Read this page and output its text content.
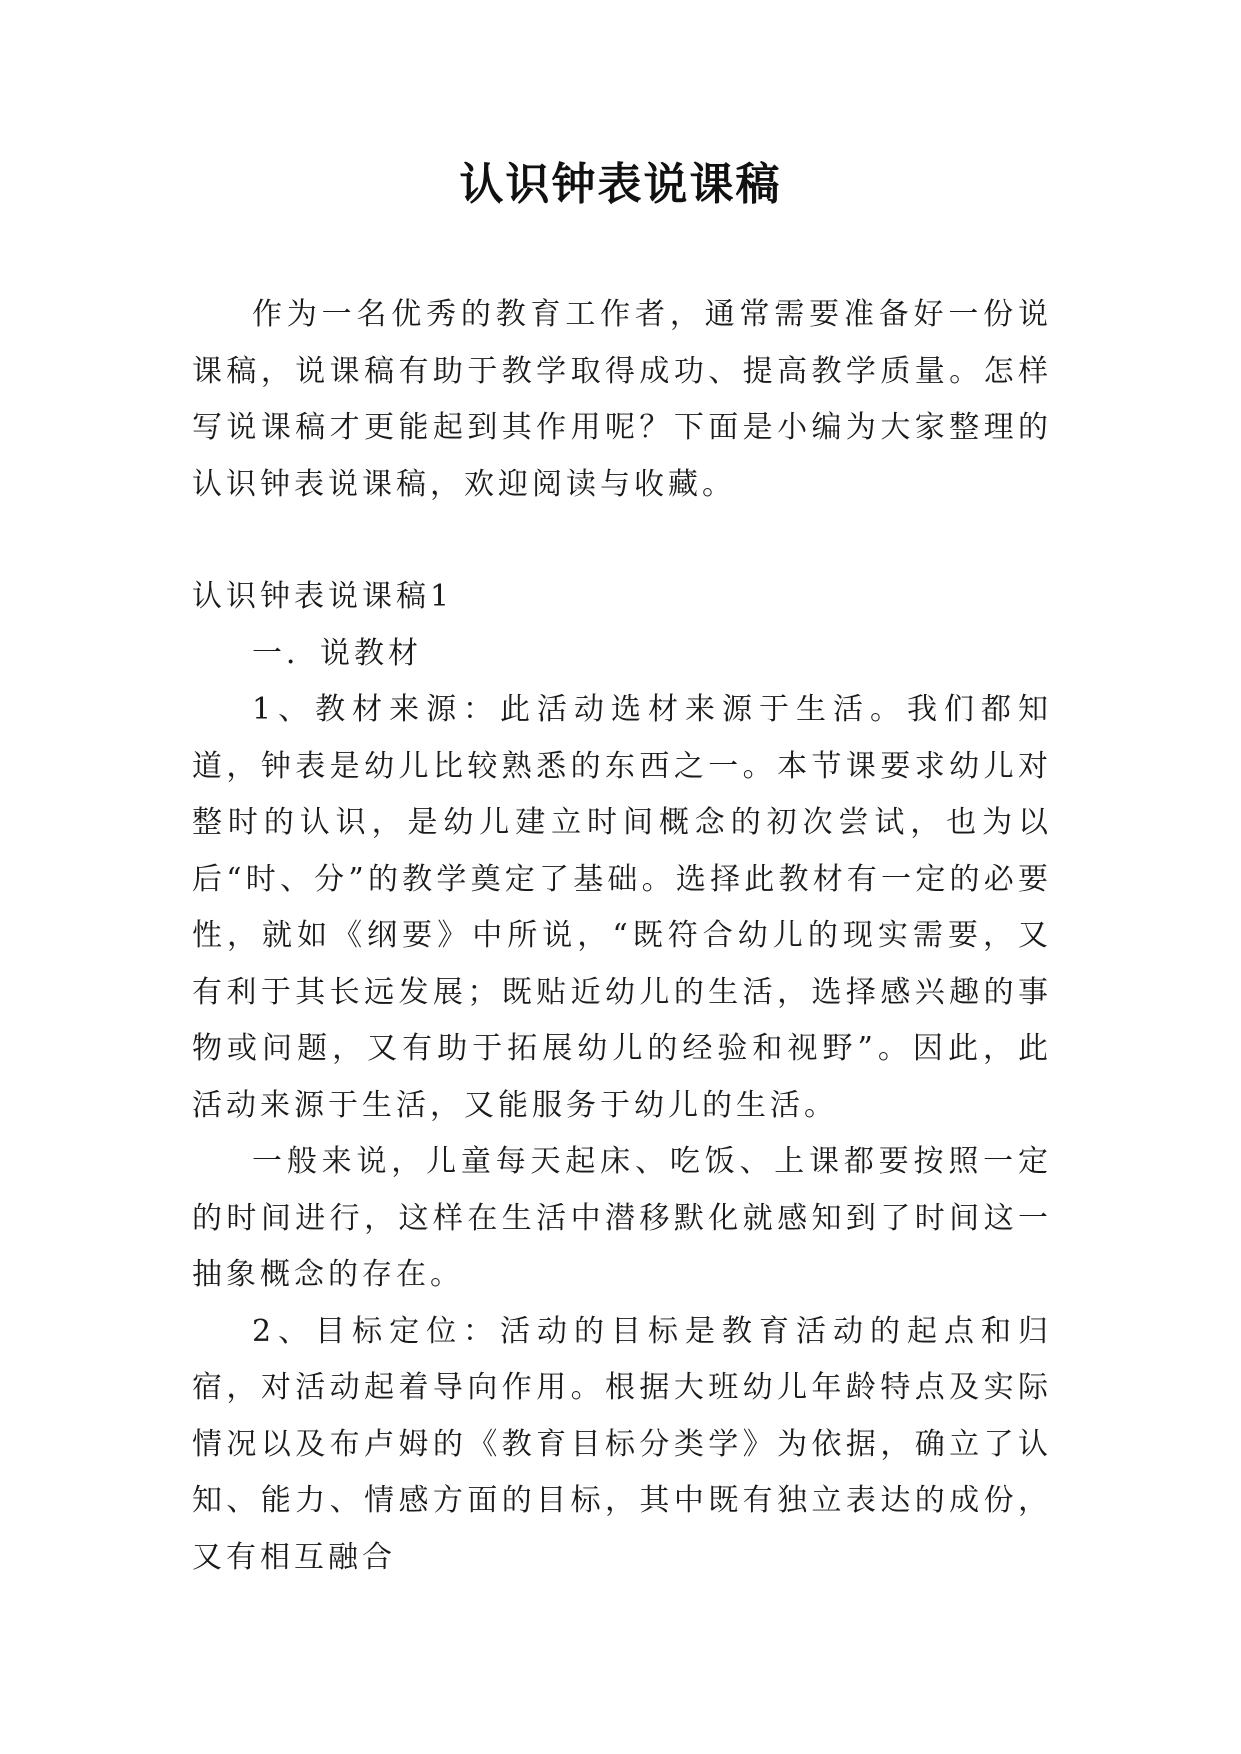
认识钟表说课稿

作为一名优秀的教育工作者，通常需要准备好一份说课稿，说课稿有助于教学取得成功、提高教学质量。怎样写说课稿才更能起到其作用呢？下面是小编为大家整理的认识钟表说课稿，欢迎阅读与收藏。

认识钟表说课稿1

一．说教材

1、教材来源：此活动选材来源于生活。我们都知道，钟表是幼儿比较熟悉的东西之一。本节课要求幼儿对整时的认识，是幼儿建立时间概念的初次尝试，也为以后“时、分”的教学奠定了基础。选择此教材有一定的必要性，就如《纲要》中所说，“既符合幼儿的现实需要，又有利于其长远发展；既贴近幼儿的生活，选择感兴趣的事物或问题，又有助于拓展幼儿的经验和视野”。因此，此活动来源于生活，又能服务于幼儿的生活。

一般来说，儿童每天起床、吃饭、上课都要按照一定的时间进行，这样在生活中潜移默化就感知到了时间这一抽象概念的存在。

2、目标定位：活动的目标是教育活动的起点和归宿，对活动起着导向作用。根据大班幼儿年龄特点及实际情况以及布卢姆的《教育目标分类学》为依据，确立了认知、能力、情感方面的目标，其中既有独立表达的成份，又有相互融合
